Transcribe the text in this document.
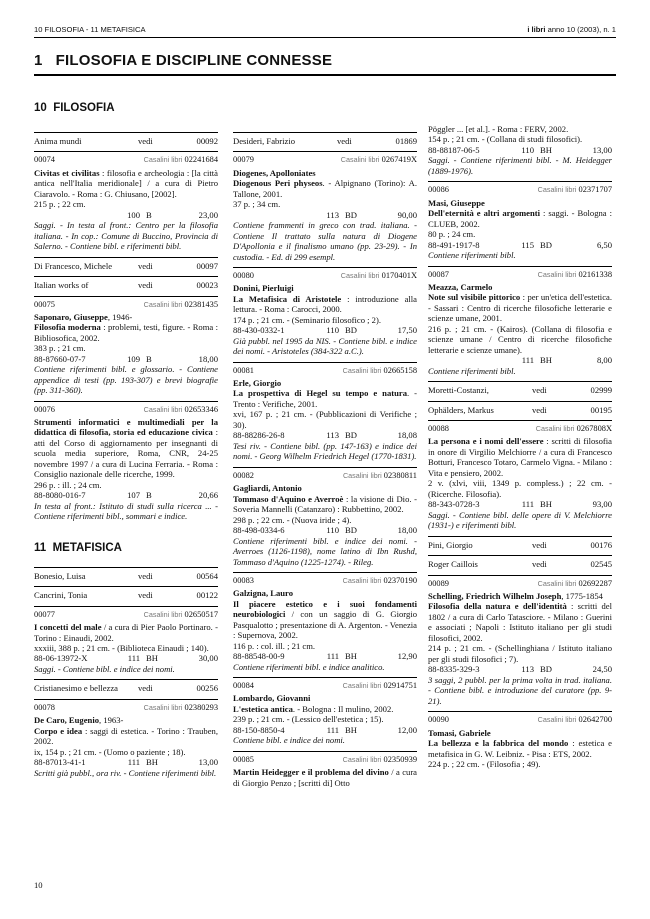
10 FILOSOFIA - 11 METAFISICA	i libri anno 10 (2003), n. 1
1 FILOSOFIA E DISCIPLINE CONNESSE
10 FILOSOFIA
Anima mundi	vedi	00092
00074	Casalini libri 02241684

Civitas et civilitas : filosofia e archeologia : [la città antica nell'Italia meridionale] / a cura di Pietro Ciaravolo. - Roma : G. Chiusano, [2002].

215 p. ; 22 cm.

100 B	23,00

Saggi. - In testa al front.: Centro per la filosofia italiana. - In cop.: Comune di Buccino, Provincia di Salerno. - Contiene bibl. e riferimenti bibl.

Di Francesco, Michele	vedi	00097
Italian works of	vedi	00023
00075	Casalini libri 02381435

Saponaro, Giuseppe, 1946-

Filosofia moderna : problemi, testi, figure. - Roma : Bibliosofica, 2002.

383 p. ; 21 cm.

88-87660-07-7	109 B	18,00

Contiene riferimenti bibl. e glossario. - Contiene appendice di testi (pp. 193-307) e brevi biografie (pp. 311-360).

00076	Casalini libri 02653346

Strumenti informatici e multimediali per la didattica di filosofia, storia ed educazione civica : atti del Corso di aggiornamento per insegnanti di scuola media superiore, Roma, CNR, 24-25 novembre 1997 / a cura di Lucina Ferraria. - Roma : Consiglio nazionale delle ricerche, 1999.

296 p. : ill. ; 24 cm.

88-8080-016-7	107 B	20,66

In testa al front.: Istituto di studi sulla ricerca ... - Contiene riferimenti bibl., sommari e indice.

11 METAFISICA
Bonesio, Luisa	vedi	00564
Cancrini, Tonia	vedi	00122
00077	Casalini libri 02650517

I concetti del male / a cura di Pier Paolo Portinaro. - Torino : Einaudi, 2002.

xxxiii, 388 p. ; 21 cm. - (Biblioteca Einaudi ; 140).

88-06-13972-X	111 BH	30,00

Saggi. - Contiene bibl. e indice dei nomi.

Cristianesimo e bellezza	vedi	00256
00078	Casalini libri 02380293

De Caro, Eugenio, 1963-

Corpo e idea : saggi di estetica. - Torino : Trauben, 2002.

ix, 154 p. ; 21 cm. - (Uomo o paziente ; 18).

88-87013-41-1	111 BH	13,00

Scritti già pubbl., ora riv. - Contiene riferimenti bibl.

Desideri, Fabrizio	vedi	01869
00079	Casalini libri 0267419X

Diogenes, Apolloniates

Diogenous Peri physeos. - Alpignano (Torino): A. Tallone, 2001.

37 p. ; 34 cm.

113 BD	90,00

Contiene frammenti in greco con trad. italiana. - Contiene Il trattato sulla natura di Diogene D'Apollonia e il finalismo umano (pp. 23-29). - In custodia. - Ed. di 299 esempl.

00080	Casalini libri 0170401X

Donini, Pierluigi

La Metafisica di Aristotele : introduzione alla lettura. - Roma : Carocci, 2000.

174 p. ; 21 cm. - (Seminario filosofico ; 2).

88-430-0332-1	110 BD	17,50

Già pubbl. nel 1995 da NIS. - Contiene bibl. e indice dei nomi. - Aristoteles (384-322 a.C.).

00081	Casalini libri 02665158

Erle, Giorgio

La prospettiva di Hegel su tempo e natura. - Trento : Verifiche, 2001.

xvi, 167 p. ; 21 cm. - (Pubblicazioni di Verifiche ; 30).

88-88286-26-8	113 BD	18,08

Tesi riv. - Contiene bibl. (pp. 147-163) e indice dei nomi. - Georg Wilhelm Friedrich Hegel (1770-1831).

00082	Casalini libri 02380811

Gagliardi, Antonio

Tommaso d'Aquino e Averroè : la visione di Dio. - Soveria Mannelli (Catanzaro) : Rubbettino, 2002.

298 p. ; 22 cm. - (Nuova iride ; 4).

88-498-0334-6	110 BD	18,00

Contiene riferimenti bibl. e indice dei nomi. - Averroes (1126-1198), nome latino di Ibn Rushd, Tommaso d'Aquino (1225-1274). - Rileg.

00083	Casalini libri 02370190

Galzigna, Lauro

Il piacere estetico e i suoi fondamenti neurobiologici / con un saggio di G. Giorgio Pasqualotto ; presentazione di A. Argenton. - Venezia : Supernova, 2002.

116 p. : col. ill. ; 21 cm.

88-88548-00-9	111 BH	12,90

Contiene riferimenti bibl. e indice analitico.

00084	Casalini libri 02914751

Lombardo, Giovanni

L'estetica antica. - Bologna : Il mulino, 2002.

239 p. ; 21 cm. - (Lessico dell'estetica ; 15).

88-150-8850-4	111 BH	12,00

Contiene bibl. e indice dei nomi.

00085	Casalini libri 02350939

Martin Heidegger e il problema del divino / a cura di Giorgio Penzo ; [scritti di] Otto

Pöggler ... [et al.]. - Roma : FERV, 2002.

154 p. ; 21 cm. - (Collana di studi filosofici).

88-88187-06-5	110 BH	13,00

Saggi. - Contiene riferimenti bibl. - M. Heidegger (1889-1976).

00086	Casalini libri 02371707

Masi, Giuseppe

Dell'eternità e altri argomenti : saggi. - Bologna : CLUEB, 2002.

80 p. ; 24 cm.

88-491-1917-8	115 BD	6,50

Contiene riferimenti bibl.

00087	Casalini libri 02161338

Meazza, Carmelo

Note sul visibile pittorico : per un'etica dell'estetica. - Sassari : Centro di ricerche filosofiche letterarie e scienze umane, 2001.

216 p. ; 21 cm. - (Kairos). (Collana di filosofia e scienze umane / Centro di ricerche filosofiche letterarie e scienze umane).

111 BH	8,00

Contiene riferimenti bibl.

Moretti-Costanzi,	vedi	02999
Ophälders, Markus	vedi	00195
00088	Casalini libri 0267808X

La persona e i nomi dell'essere : scritti di filosofia in onore di Virgilio Melchiorre / a cura di Francesco Botturi, Francesco Totaro, Carmelo Vigna. - Milano : Vita e pensiero, 2002.

2 v. (xlvi, viii, 1349 p. compless.) ; 22 cm. - (Ricerche. Filosofia).

88-343-0728-3	111 BH	93,00

Saggi. - Contiene bibl. delle opere di V. Melchiorre (1931-) e riferimenti bibl.

Pini, Giorgio	vedi	00176
Roger Caillois	vedi	02545
00089	Casalini libri 02692287

Schelling, Friedrich Wilhelm Joseph, 1775-1854

Filosofia della natura e dell'identità : scritti del 1802 / a cura di Carlo Tatasciore. - Milano : Guerini e associati ; Napoli : Istituto italiano per gli studi filosofici, 2002.

214 p. ; 21 cm. - (Schellinghiana / Istituto italiano per gli studi filosofici ; 7).

88-8335-329-3	113 BD	24,50

3 saggi, 2 pubbl. per la prima volta in trad. italiana. - Contiene bibl. e introduzione del curatore (pp. 9-21).

00090	Casalini libri 02642700

Tomasi, Gabriele

La bellezza e la fabbrica del mondo : estetica e metafisica in G. W. Leibniz. - Pisa : ETS, 2002.

224 p. ; 22 cm. - (Filosofia ; 49).

10
